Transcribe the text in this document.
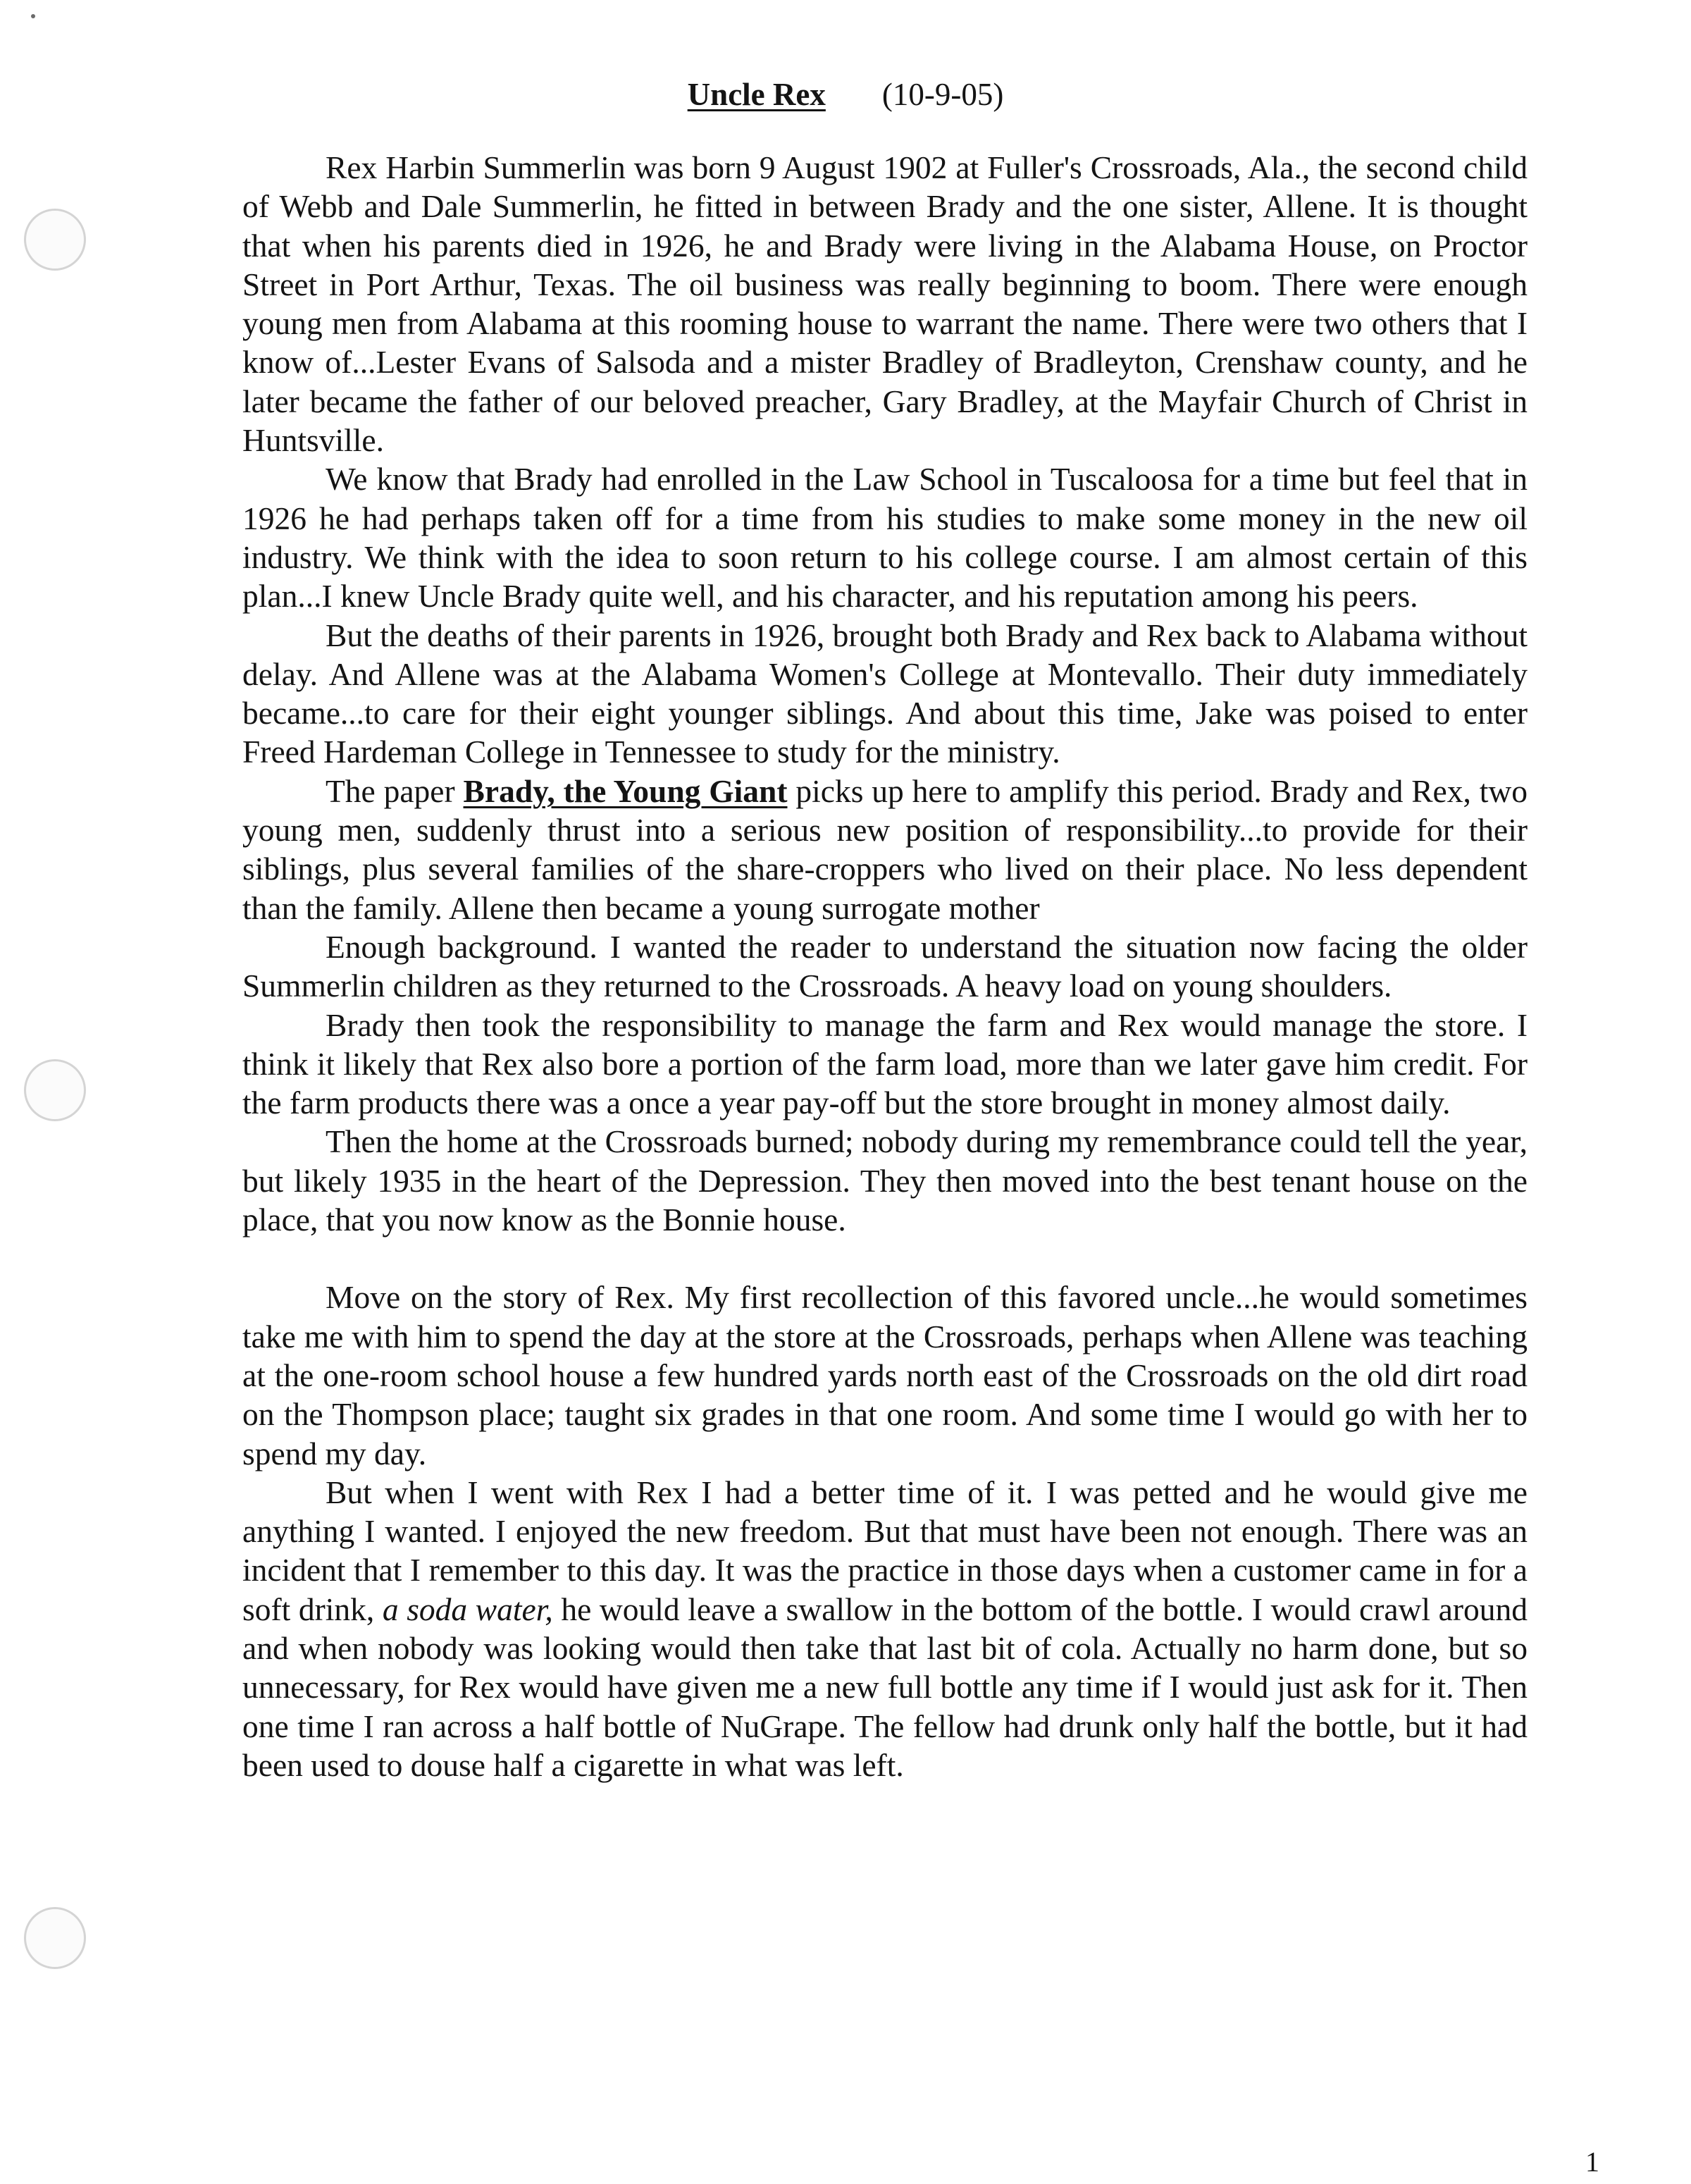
Uncle Rex (10-9-05)

Rex Harbin Summerlin was born 9 August 1902 at Fuller's Crossroads, Ala., the second child of Webb and Dale Summerlin, he fitted in between Brady and the one sister, Allene. It is thought that when his parents died in 1926, he and Brady were living in the Alabama House, on Proctor Street in Port Arthur, Texas. The oil business was really beginning to boom. There were enough young men from Alabama at this rooming house to warrant the name. There were two others that I know of...Lester Evans of Salsoda and a mister Bradley of Bradleyton, Crenshaw county, and he later became the father of our beloved preacher, Gary Bradley, at the Mayfair Church of Christ in Huntsville.

We know that Brady had enrolled in the Law School in Tuscaloosa for a time but feel that in 1926 he had perhaps taken off for a time from his studies to make some money in the new oil industry. We think with the idea to soon return to his college course. I am almost certain of this plan...I knew Uncle Brady quite well, and his character, and his reputation among his peers.

But the deaths of their parents in 1926, brought both Brady and Rex back to Alabama without delay. And Allene was at the Alabama Women's College at Montevallo. Their duty immediately became...to care for their eight younger siblings. And about this time, Jake was poised to enter Freed Hardeman College in Tennessee to study for the ministry.

The paper Brady, the Young Giant picks up here to amplify this period. Brady and Rex, two young men, suddenly thrust into a serious new position of responsibility...to provide for their siblings, plus several families of the share-croppers who lived on their place. No less dependent than the family. Allene then became a young surrogate mother

Enough background. I wanted the reader to understand the situation now facing the older Summerlin children as they returned to the Crossroads. A heavy load on young shoulders.

Brady then took the responsibility to manage the farm and Rex would manage the store. I think it likely that Rex also bore a portion of the farm load, more than we later gave him credit. For the farm products there was a once a year pay-off but the store brought in money almost daily.

Then the home at the Crossroads burned; nobody during my remembrance could tell the year, but likely 1935 in the heart of the Depression. They then moved into the best tenant house on the place, that you now know as the Bonnie house.

Move on the story of Rex. My first recollection of this favored uncle...he would sometimes take me with him to spend the day at the store at the Crossroads, perhaps when Allene was teaching at the one-room school house a few hundred yards north east of the Crossroads on the old dirt road on the Thompson place; taught six grades in that one room. And some time I would go with her to spend my day.

But when I went with Rex I had a better time of it. I was petted and he would give me anything I wanted. I enjoyed the new freedom. But that must have been not enough. There was an incident that I remember to this day. It was the practice in those days when a customer came in for a soft drink, a soda water, he would leave a swallow in the bottom of the bottle. I would crawl around and when nobody was looking would then take that last bit of cola. Actually no harm done, but so unnecessary, for Rex would have given me a new full bottle any time if I would just ask for it. Then one time I ran across a half bottle of NuGrape. The fellow had drunk only half the bottle, but it had been used to douse half a cigarette in what was left.

1
